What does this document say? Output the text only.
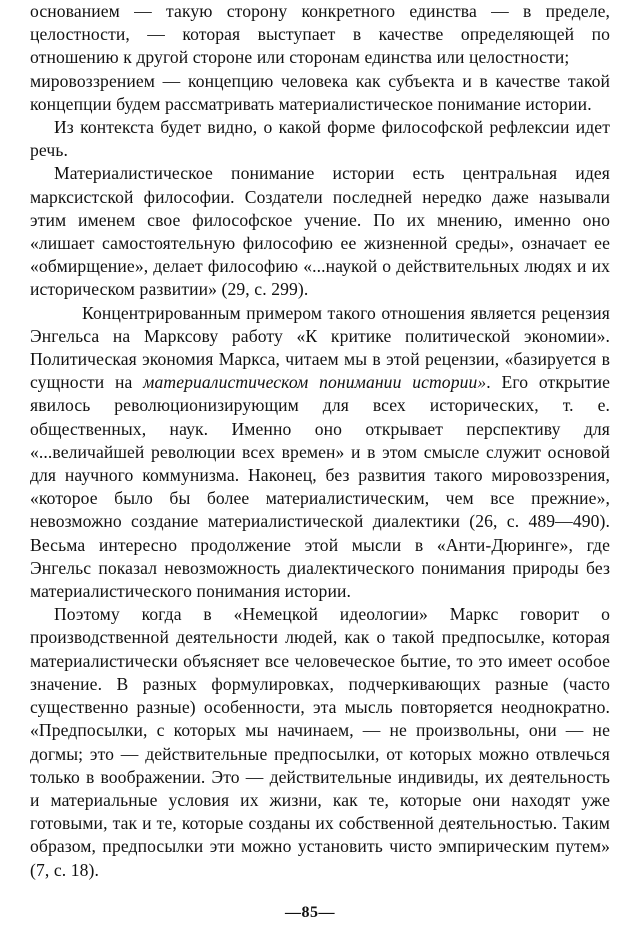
основанием — такую сторону конкретного единства — в пределе, целостности, — которая выступает в качестве определяющей по отношению к другой стороне или сторонам единства или целостности;

мировоззрением — концепцию человека как субъекта и в качестве такой концепции будем рассматривать материалистическое понимание истории.

Из контекста будет видно, о какой форме философской рефлексии идет речь.

Материалистическое понимание истории есть центральная идея марксистской философии. Создатели последней нередко даже называли этим именем свое философское учение. По их мнению, именно оно «лишает самостоятельную философию ее жизненной среды», означает ее «обмирщение», делает философию «...наукой о действительных людях и их историческом развитии» (29, с. 299).

Концентрированным примером такого отношения является рецензия Энгельса на Марксову работу «К критике политической экономии». Политическая экономия Маркса, читаем мы в этой рецензии, «базируется в сущности на материалистическом понимании истории». Его открытие явилось революционизирующим для всех исторических, т. е. общественных, наук. Именно оно открывает перспективу для «...величайшей революции всех времен» и в этом смысле служит основой для научного коммунизма. Наконец, без развития такого мировоззрения, «которое было бы более материалистическим, чем все прежние», невозможно создание материалистической диалектики (26, с. 489—490). Весьма интересно продолжение этой мысли в «Анти-Дюринге», где Энгельс показал невозможность диалектического понимания природы без материалистического понимания истории.

Поэтому когда в «Немецкой идеологии» Маркс говорит о производственной деятельности людей, как о такой предпосылке, которая материалистически объясняет все человеческое бытие, то это имеет особое значение. В разных формулировках, подчеркивающих разные (часто существенно разные) особенности, эта мысль повторяется неоднократно. «Предпосылки, с которых мы начинаем, — не произвольны, они — не догмы; это — действительные предпосылки, от которых можно отвлечься только в воображении. Это — действительные индивиды, их деятельность и материальные условия их жизни, как те, которые они находят уже готовыми, так и те, которые созданы их собственной деятельностью. Таким образом, предпосылки эти можно установить чисто эмпирическим путем» (7, с. 18).

—85—
